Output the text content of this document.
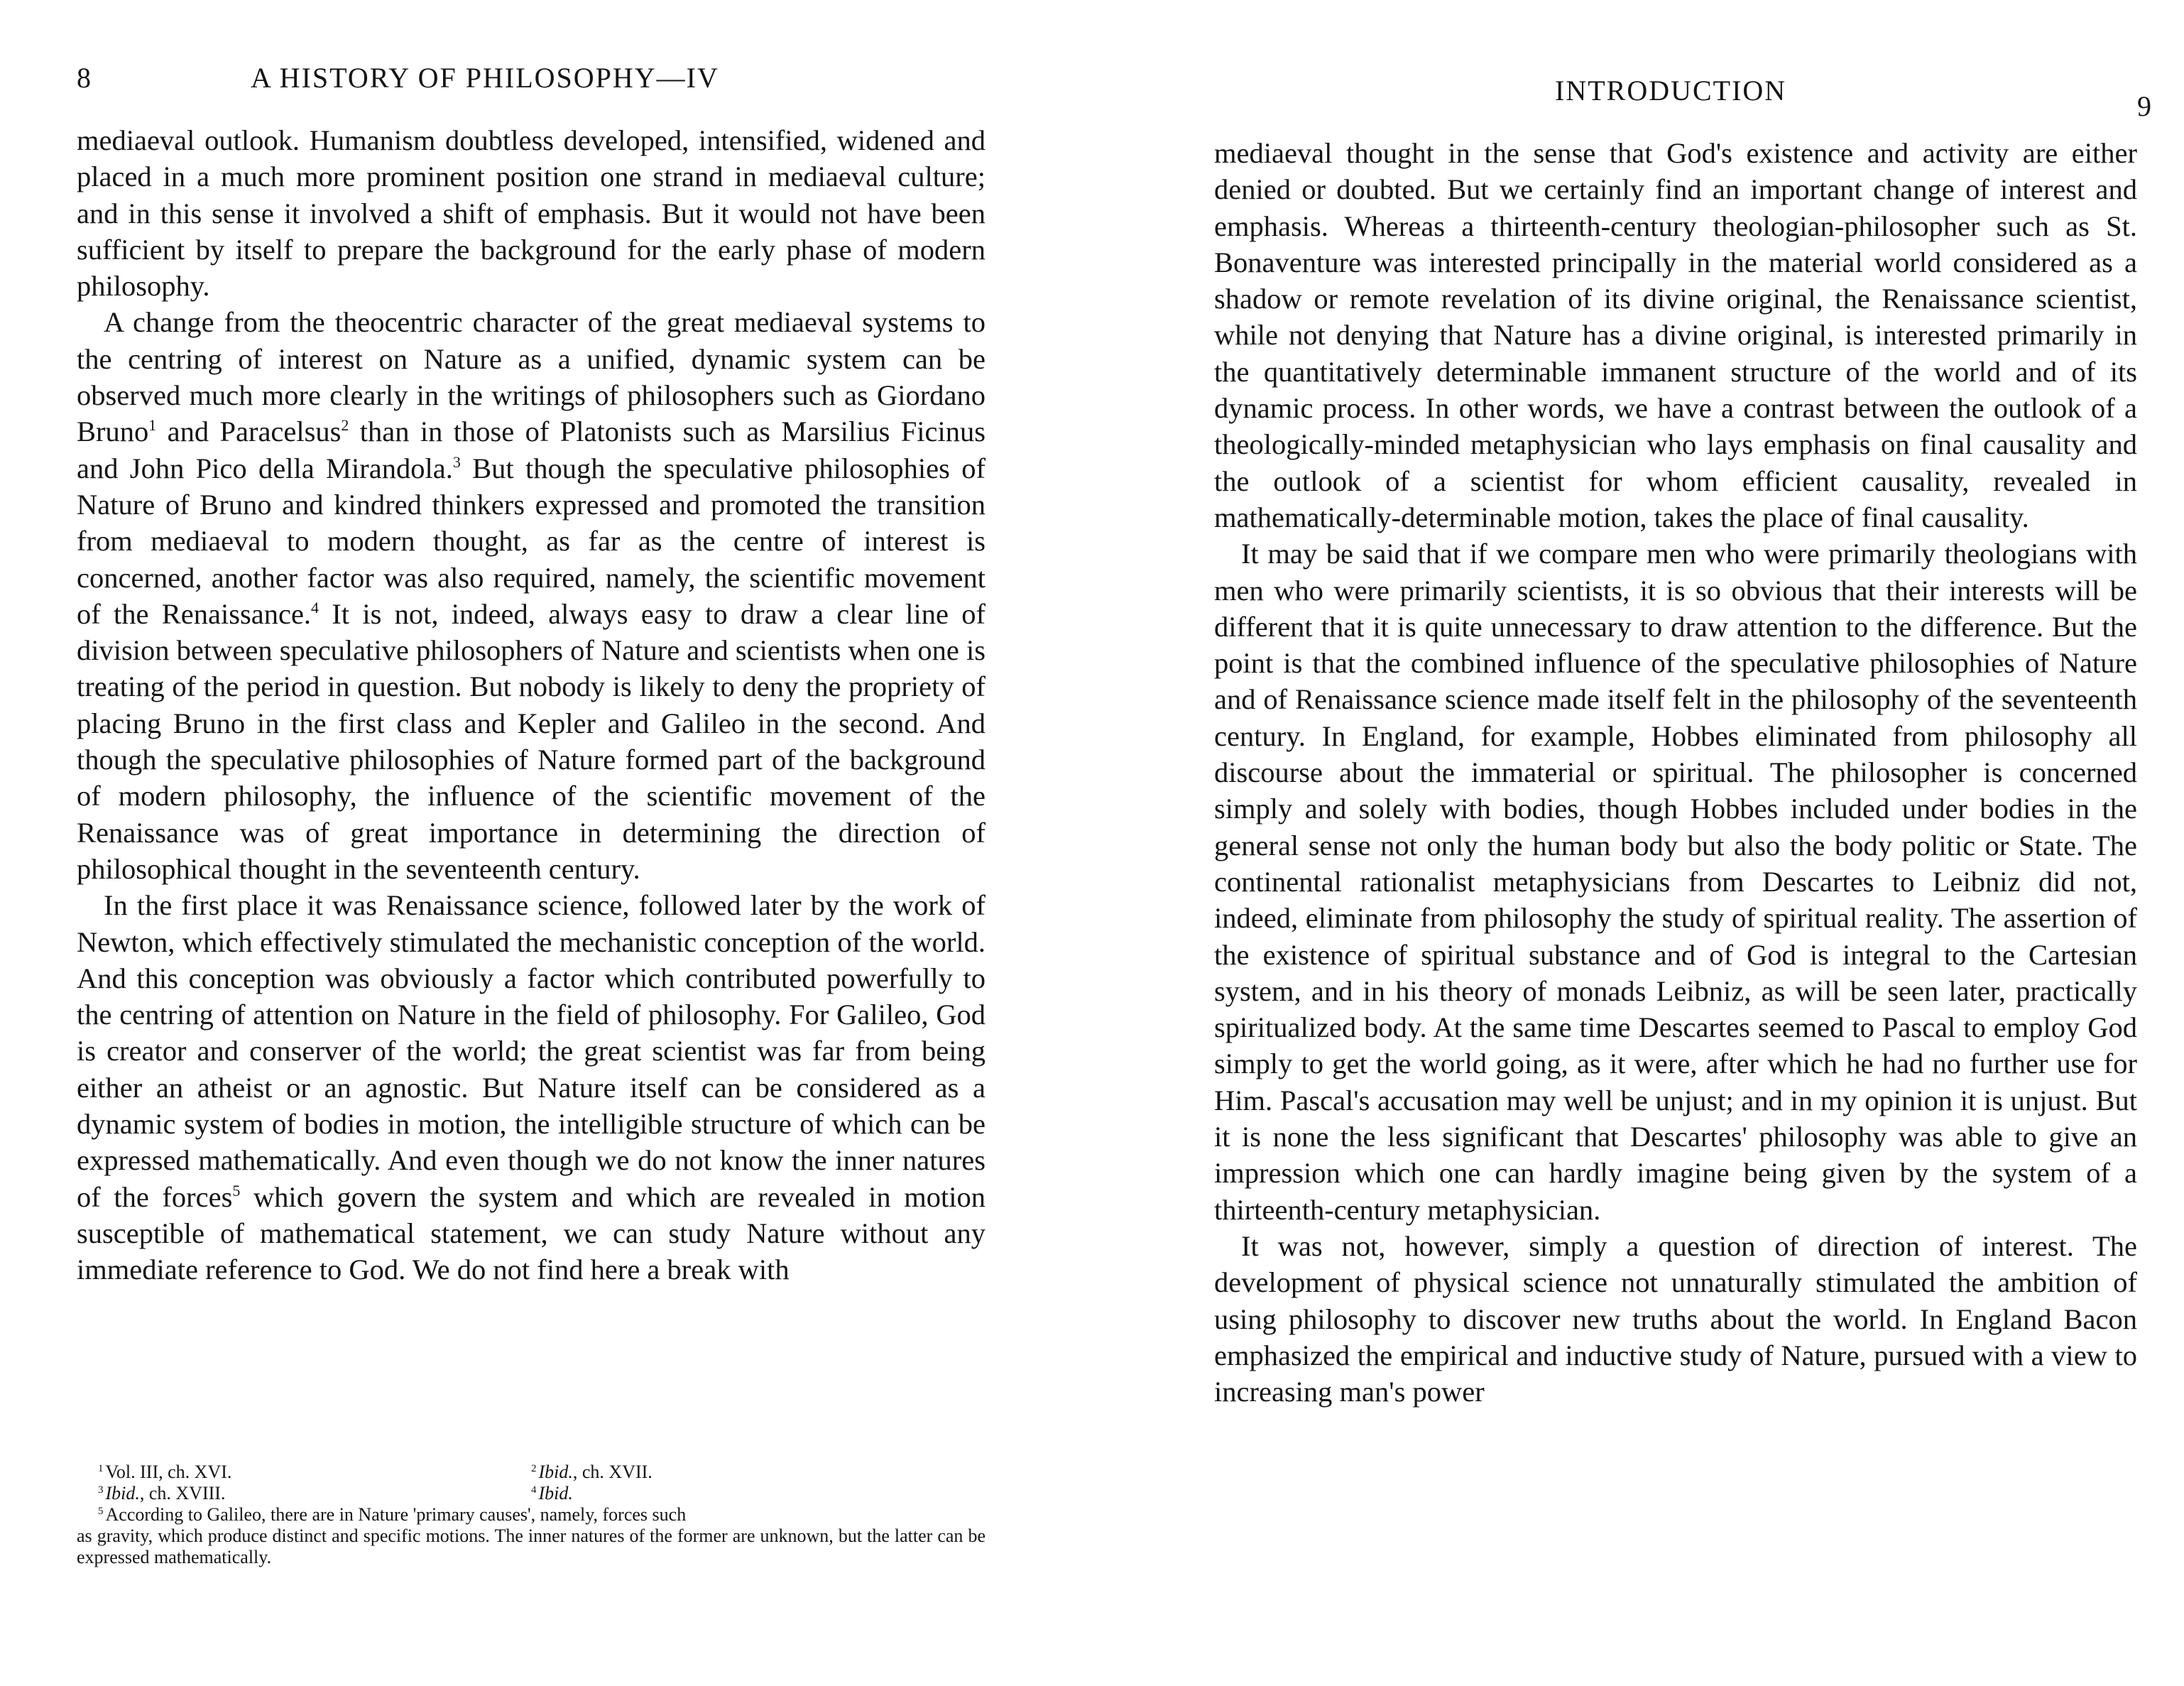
8	A HISTORY OF PHILOSOPHY—IV

mediaeval outlook. Humanism doubtless developed, intensified, widened and placed in a much more prominent position one strand in mediaeval culture; and in this sense it involved a shift of emphasis. But it would not have been sufficient by itself to prepare the background for the early phase of modern philosophy.

A change from the theocentric character of the great mediaeval systems to the centring of interest on Nature as a unified, dynamic system can be observed much more clearly in the writings of philosophers such as Giordano Bruno$^1$ and Paracelsus$^2$ than in those of Platonists such as Marsilius Ficinus and John Pico della Mirandola.$^3$ But though the speculative philosophies of Nature of Bruno and kindred thinkers expressed and promoted the transition from mediaeval to modern thought, as far as the centre of interest is concerned, another factor was also required, namely, the scientific movement of the Renaissance.$^4$ It is not, indeed, always easy to draw a clear line of division between speculative philosophers of Nature and scientists when one is treating of the period in question. But nobody is likely to deny the propriety of placing Bruno in the first class and Kepler and Galileo in the second. And though the speculative philosophies of Nature formed part of the background of modern philosophy, the influence of the scientific movement of the Renaissance was of great importance in determining the direction of philosophical thought in the seventeenth century.

In the first place it was Renaissance science, followed later by the work of Newton, which effectively stimulated the mechanistic conception of the world. And this conception was obviously a factor which contributed powerfully to the centring of attention on Nature in the field of philosophy. For Galileo, God is creator and conserver of the world; the great scientist was far from being either an atheist or an agnostic. But Nature itself can be considered as a dynamic system of bodies in motion, the intelligible structure of which can be expressed mathematically. And even though we do not know the inner natures of the forces$^5$ which govern the system and which are revealed in motion susceptible of mathematical statement, we can study Nature without any immediate reference to God. We do not find here a break with

$^1$ Vol. III, ch. XVI.	$^2$ Ibid., ch. XVII.
$^3$ Ibid., ch. XVIII.	$^4$ Ibid.
$^5$ According to Galileo, there are in Nature 'primary causes', namely, forces such
as gravity, which produce distinct and specific motions. The inner natures of the former are unknown, but the latter can be expressed mathematically.
INTRODUCTION	9

mediaeval thought in the sense that God's existence and activity are either denied or doubted. But we certainly find an important change of interest and emphasis. Whereas a thirteenth-century theologian-philosopher such as St. Bonaventure was interested principally in the material world considered as a shadow or remote revelation of its divine original, the Renaissance scientist, while not denying that Nature has a divine original, is interested primarily in the quantitatively determinable immanent structure of the world and of its dynamic process. In other words, we have a contrast between the outlook of a theologically-minded metaphysician who lays emphasis on final causality and the outlook of a scientist for whom efficient causality, revealed in mathematically-determinable motion, takes the place of final causality.

It may be said that if we compare men who were primarily theologians with men who were primarily scientists, it is so obvious that their interests will be different that it is quite unnecessary to draw attention to the difference. But the point is that the combined influence of the speculative philosophies of Nature and of Renaissance science made itself felt in the philosophy of the seventeenth century. In England, for example, Hobbes eliminated from philosophy all discourse about the immaterial or spiritual. The philosopher is concerned simply and solely with bodies, though Hobbes included under bodies in the general sense not only the human body but also the body politic or State. The continental rationalist metaphysicians from Descartes to Leibniz did not, indeed, eliminate from philosophy the study of spiritual reality. The assertion of the existence of spiritual substance and of God is integral to the Cartesian system, and in his theory of monads Leibniz, as will be seen later, practically spiritualized body. At the same time Descartes seemed to Pascal to employ God simply to get the world going, as it were, after which he had no further use for Him. Pascal's accusation may well be unjust; and in my opinion it is unjust. But it is none the less significant that Descartes' philosophy was able to give an impression which one can hardly imagine being given by the system of a thirteenth-century metaphysician.

It was not, however, simply a question of direction of interest. The development of physical science not unnaturally stimulated the ambition of using philosophy to discover new truths about the world. In England Bacon emphasized the empirical and inductive study of Nature, pursued with a view to increasing man's power
